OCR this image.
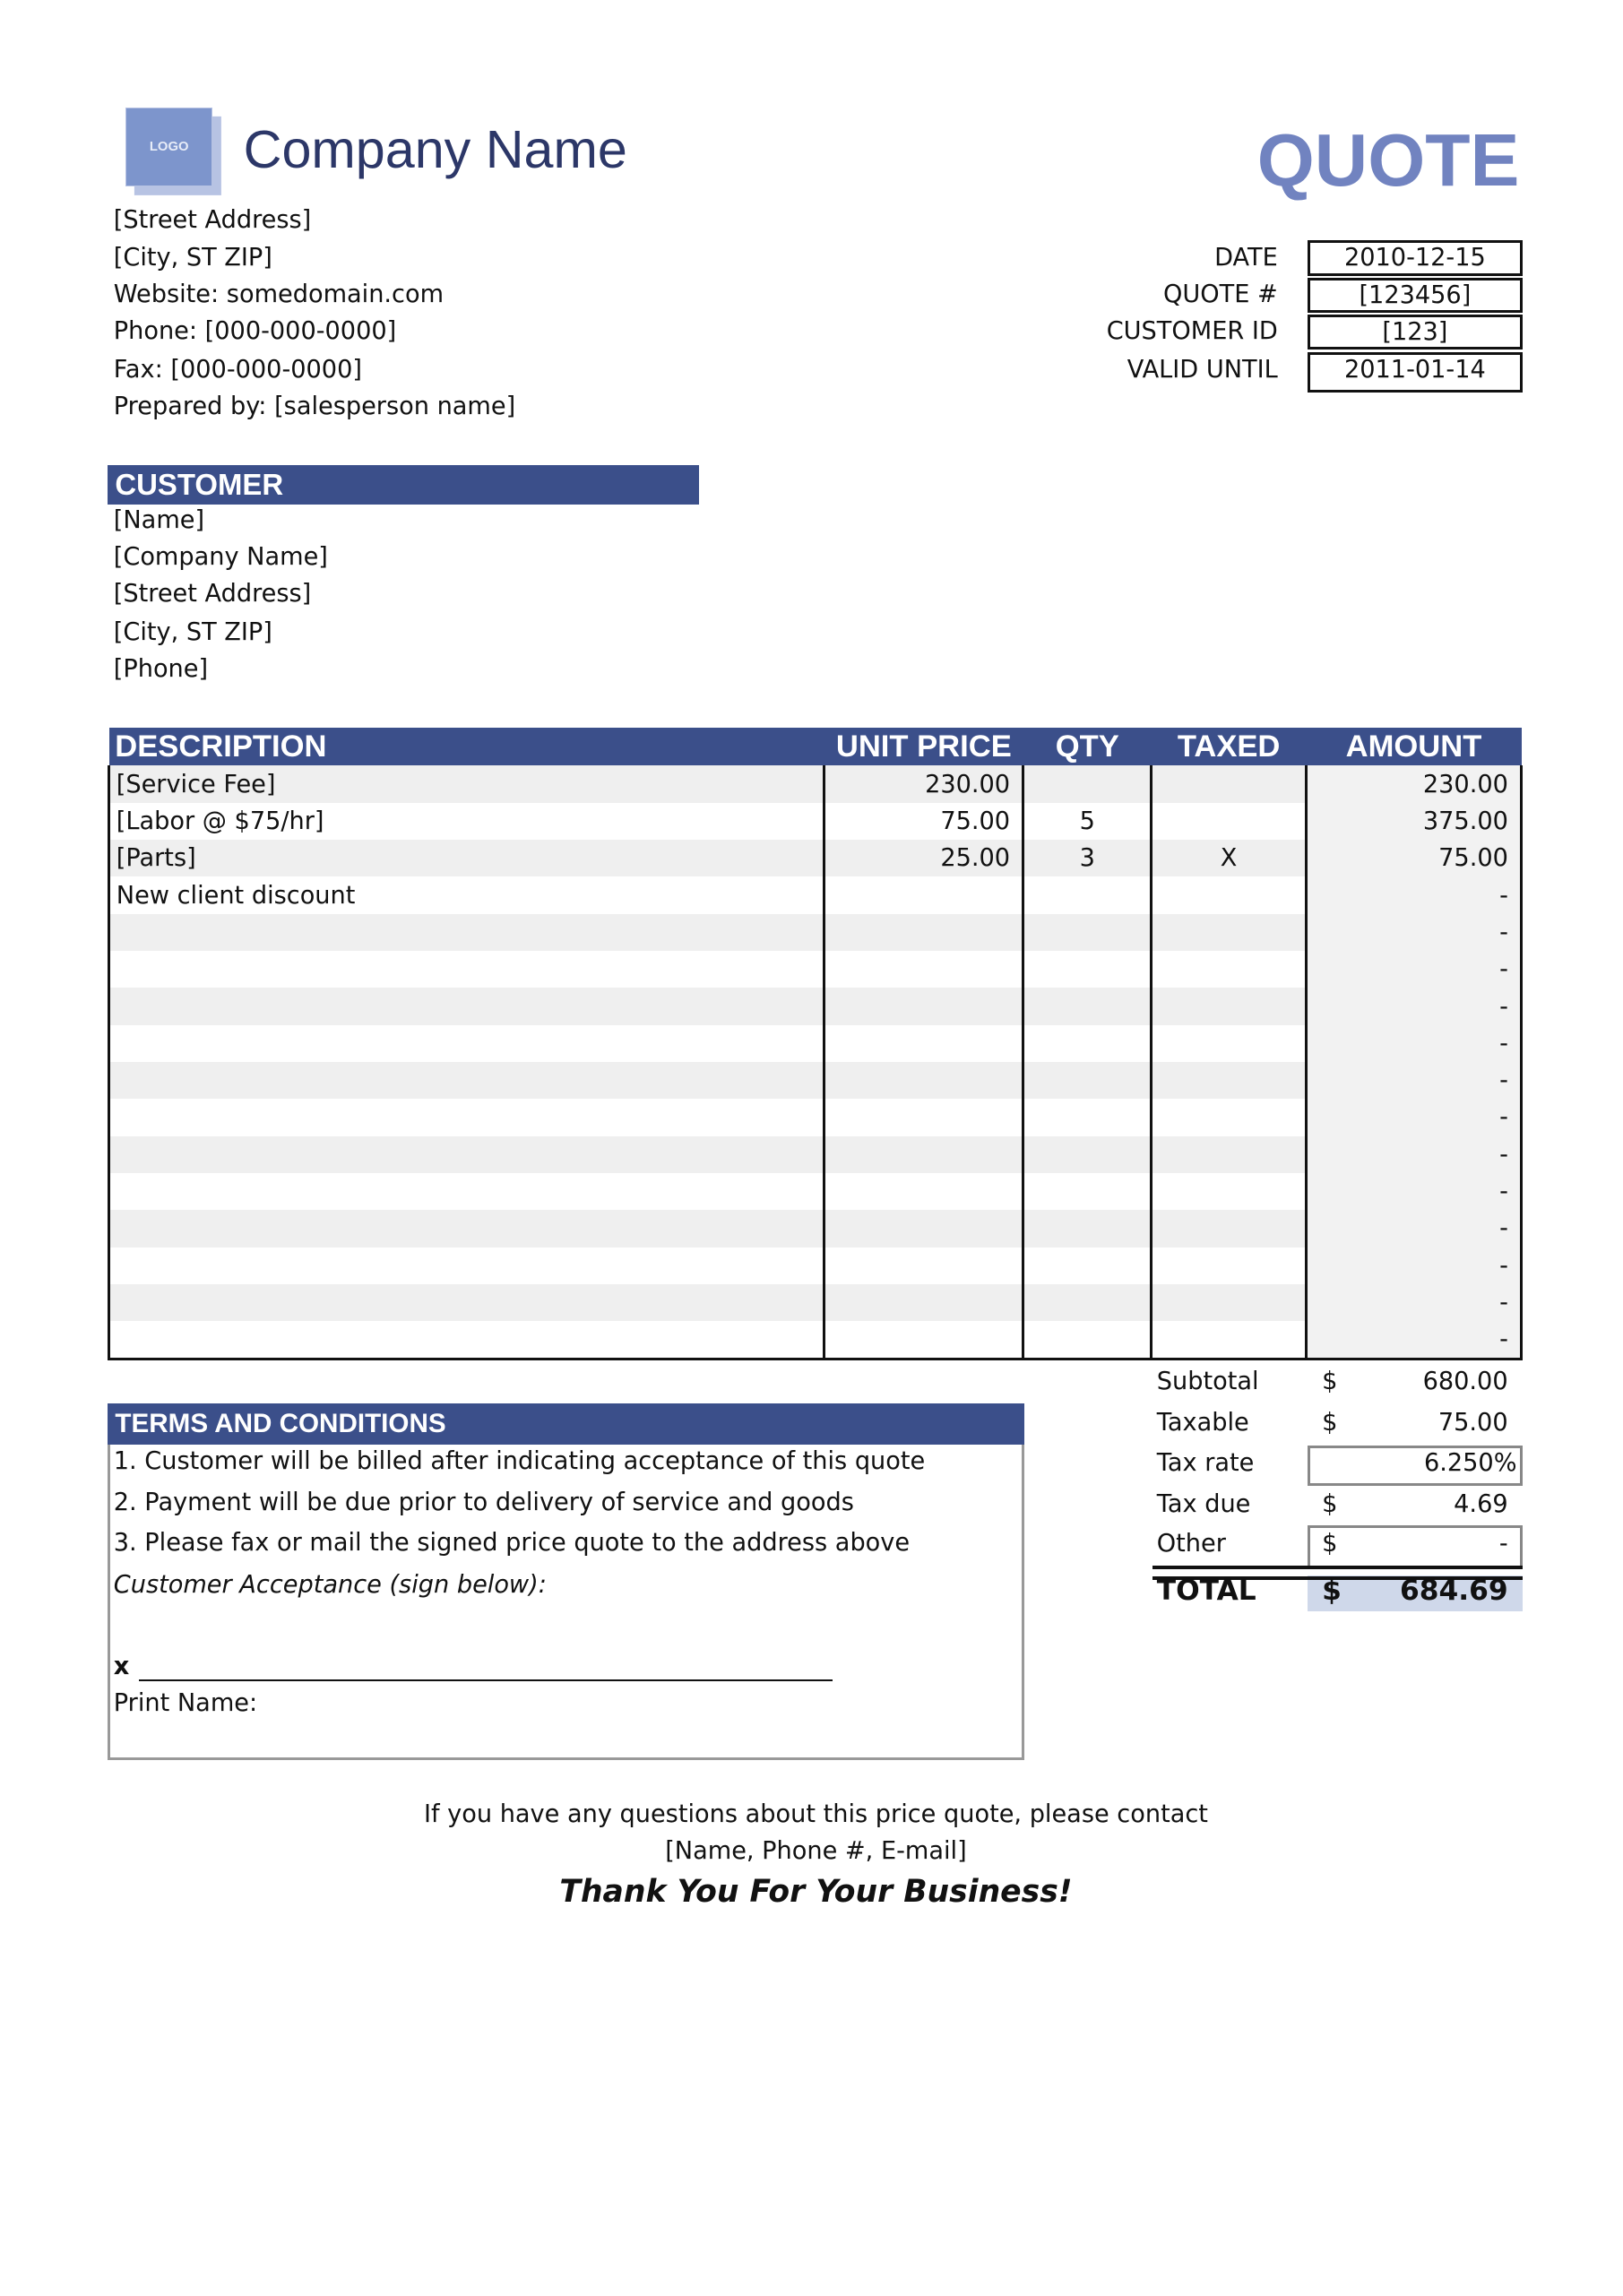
LOGO Company Name	QUOTE
[Street Address]
[City, ST ZIP]
Website: somedomain.com
Phone: [000-000-0000]
Fax: [000-000-0000]
Prepared by: [salesperson name]
DATE	2010-12-15
QUOTE #	[123456]
CUSTOMER ID	[123]
VALID UNTIL	2011-01-14
CUSTOMER
[Name]
[Company Name]
[Street Address]
[City, ST ZIP]
[Phone]
DESCRIPTION	UNIT PRICE	QTY	TAXED	AMOUNT
[Service Fee]	230.00			230.00
[Labor @ $75/hr]	75.00	5		375.00
[Parts]	25.00	3	X	75.00
New client discount				-
				-
				-
				-
				-
				-
				-
				-
				-
				-
				-
				-
				-
Subtotal	$	680.00
Taxable	$	75.00
Tax rate	6.250%
Tax due	$	4.69
Other	$	-
TOTAL	$	684.69
TERMS AND CONDITIONS
1. Customer will be billed after indicating acceptance of this quote
2. Payment will be due prior to delivery of service and goods
3. Please fax or mail the signed price quote to the address above
Customer Acceptance (sign below):
x
Print Name:
If you have any questions about this price quote, please contact
[Name, Phone #, E-mail]
Thank You For Your Business!
